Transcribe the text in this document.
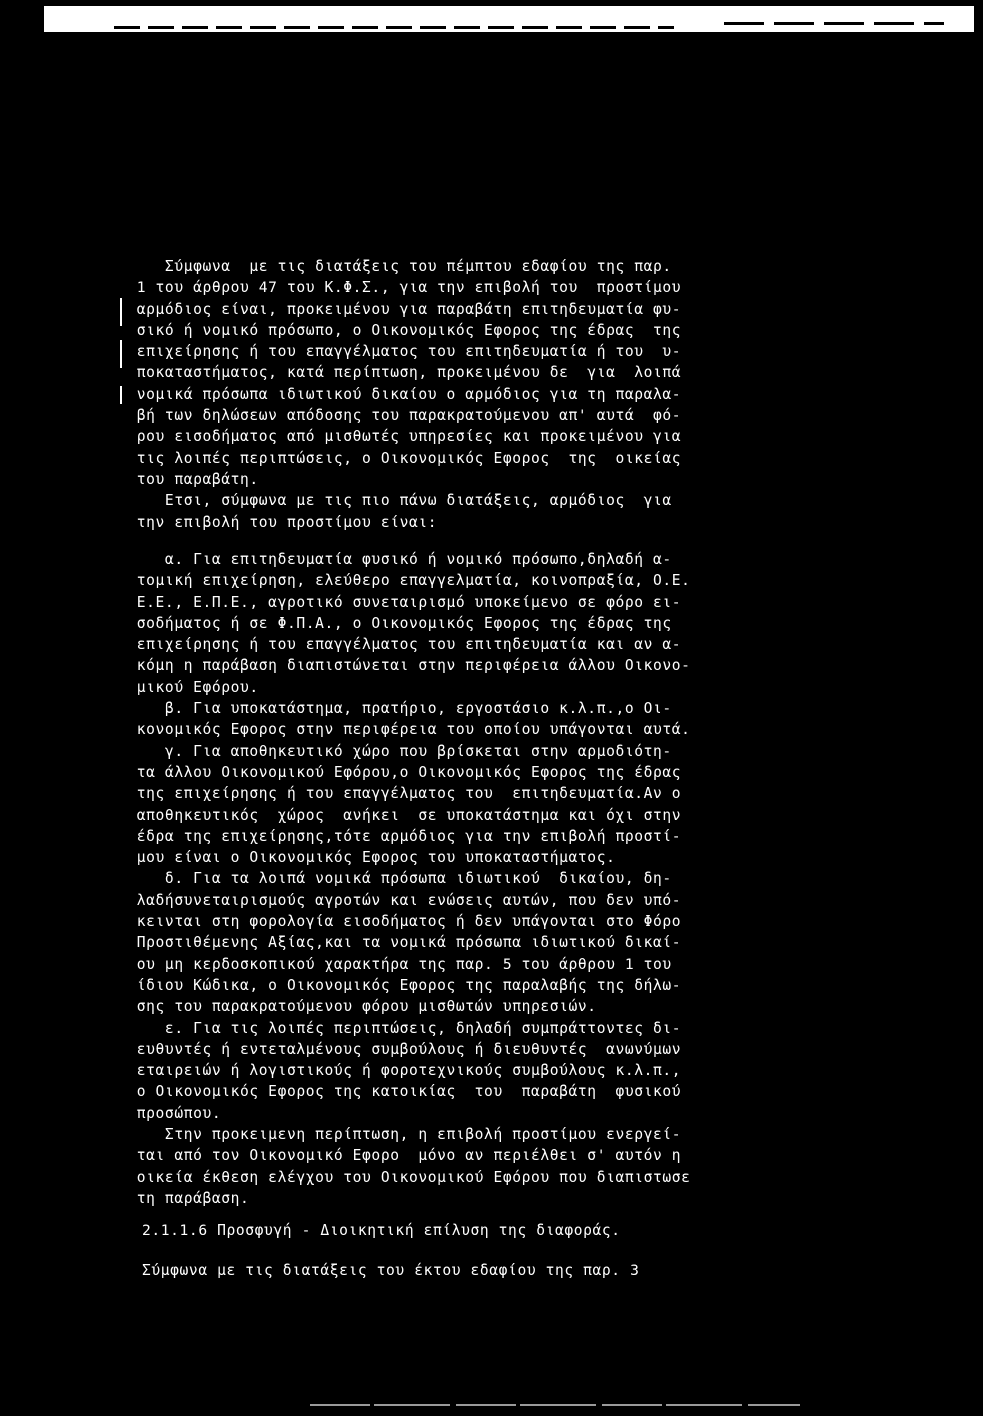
Σύμφωνα  με τις διατάξεις του πέμπτου εδαφίου της παρ.
1 του άρθρου 47 του Κ.Φ.Σ., για την επιβολή του  προστίμου
αρμόδιος είναι, προκειμένου για παραβάτη επιτηδευματία φυ-
σικό ή νομικό πρόσωπο, ο Οικονομικός Εφορος της έδρας  της
επιχείρησης ή του επαγγέλματος του επιτηδευματία ή του  υ-
ποκαταστήματος, κατά περίπτωση, προκειμένου δε  για  λοιπά
νομικά πρόσωπα ιδιωτικού δικαίου ο αρμόδιος για τη παραλα-
βή των δηλώσεων απόδοσης του παρακρατούμενου απ' αυτά  φό-
ρου εισοδήματος από μισθωτές υπηρεσίες και προκειμένου για
τις λοιπές περιπτώσεις, ο Οικονομικός Εφορος  της  οικείας
του παραβάτη.
Ετσι, σύμφωνα με τις πιο πάνω διατάξεις, αρμόδιος  για
την επιβολή του προστίμου είναι:
α. Για επιτηδευματία φυσικό ή νομικό πρόσωπο,δηλαδή α-
τομική επιχείρηση, ελεύθερο επαγγελματία, κοινοπραξία, Ο.Ε.
Ε.Ε., Ε.Π.Ε., αγροτικό συνεταιρισμό υποκείμενο σε φόρο ει-
σοδήματος ή σε Φ.Π.Α., ο Οικονομικός Εφορος της έδρας της
επιχείρησης ή του επαγγέλματος του επιτηδευματία και αν α-
κόμη η παράβαση διαπιστώνεται στην περιφέρεια άλλου Οικονο-
μικού Εφόρου.
β. Για υποκατάστημα, πρατήριο, εργοστάσιο κ.λ.π.,ο Οι-
κονομικός Εφορος στην περιφέρεια του οποίου υπάγονται αυτά.
γ. Για αποθηκευτικό χώρο που βρίσκεται στην αρμοδιότη-
τα άλλου Οικονομικού Εφόρου,ο Οικονομικός Εφορος της έδρας
της επιχείρησης ή του επαγγέλματος του  επιτηδευματία.Αν ο
αποθηκευτικός  χώρος  ανήκει  σε υποκατάστημα και όχι στην
έδρα της επιχείρησης,τότε αρμόδιος για την επιβολή προστί-
μου είναι ο Οικονομικός Εφορος του υποκαταστήματος.
δ. Για τα λοιπά νομικά πρόσωπα ιδιωτικού  δικαίου, δη-
λαδήσυνεταιρισμούς αγροτών και ενώσεις αυτών, που δεν υπό-
κεινται στη φορολογία εισοδήματος ή δεν υπάγονται στο Φόρο
Προστιθέμενης Αξίας,και τα νομικά πρόσωπα ιδιωτικού δικαί-
ου μη κερδοσκοπικού χαρακτήρα της παρ. 5 του άρθρου 1 του
ίδιου Κώδικα, ο Οικονομικός Εφορος της παραλαβής της δήλω-
σης του παρακρατούμενου φόρου μισθωτών υπηρεσιών.
ε. Για τις λοιπές περιπτώσεις, δηλαδή συμπράττοντες δι-
ευθυντές ή εντεταλμένους συμβούλους ή διευθυντές  ανωνύμων
εταιρειών ή λογιστικούς ή φοροτεχνικούς συμβούλους κ.λ.π.,
ο Οικονομικός Εφορος της κατοικίας  του  παραβάτη  φυσικού
προσώπου.
Στην προκειμενη περίπτωση, η επιβολή προστίμου ενεργεί-
ται από τον Οικονομικό Εφορο  μόνο αν περιέλθει σ' αυτόν η
οικεία έκθεση ελέγχου του Οικονομικού Εφόρου που διαπιστωσε
τη παράβαση.
2.1.1.6 Προσφυγή - Διοικητική επίλυση της διαφοράς.
Σύμφωνα με τις διατάξεις του έκτου εδαφίου της παρ. 3
